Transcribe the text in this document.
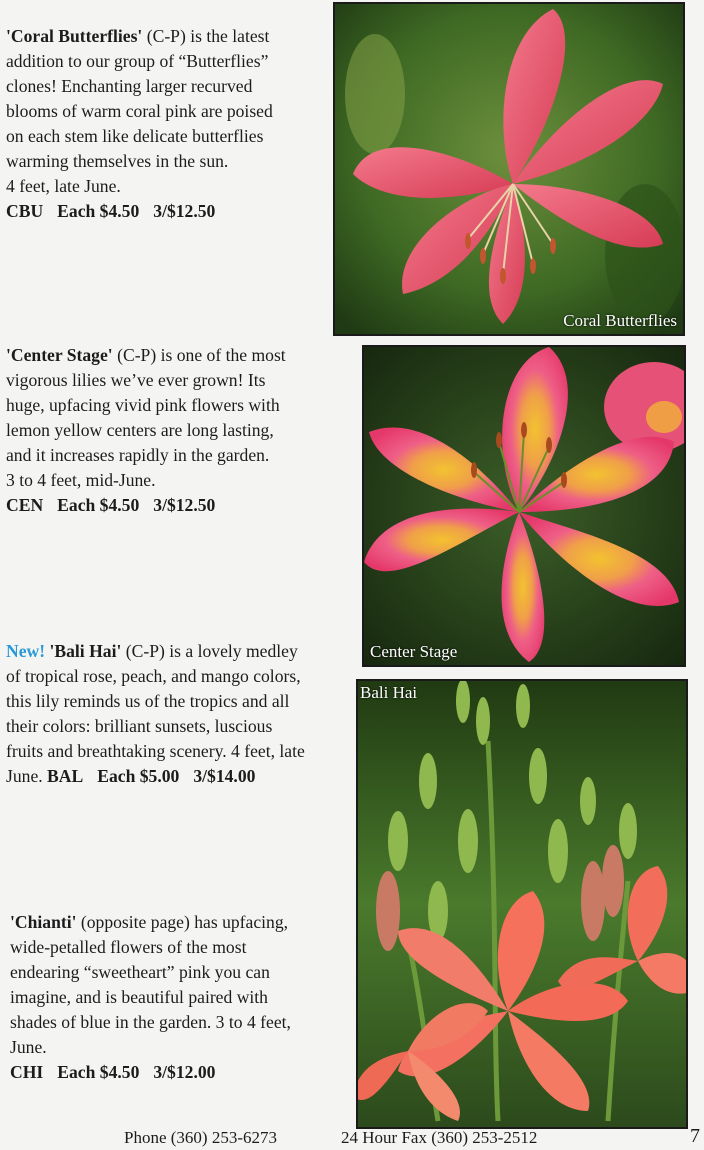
'Coral Butterflies' (C-P) is the latest addition to our group of “Butterflies” clones! Enchanting larger recurved blooms of warm coral pink are poised on each stem like delicate butterflies warming themselves in the sun.
4 feet, late June.
CBU Each $4.50 3/$12.50
'Center Stage' (C-P) is one of the most vigorous lilies we’ve ever grown! Its huge, upfacing vivid pink flowers with lemon yellow centers are long lasting, and it increases rapidly in the garden.
3 to 4 feet, mid-June.
CEN Each $4.50 3/$12.50
New! 'Bali Hai' (C-P) is a lovely medley of tropical rose, peach, and mango colors, this lily reminds us of the tropics and all their colors: brilliant sunsets, luscious fruits and breathtaking scenery. 4 feet, late June. BAL Each $5.00 3/$14.00
'Chianti' (opposite page) has upfacing, wide-petalled flowers of the most endearing “sweetheart” pink you can imagine, and is beautiful paired with shades of blue in the garden. 3 to 4 feet, June.
CHI Each $4.50 3/$12.00
Coral Butterflies
Center Stage
Bali Hai
Phone (360) 253-6273	24 Hour Fax (360) 253-2512	7
